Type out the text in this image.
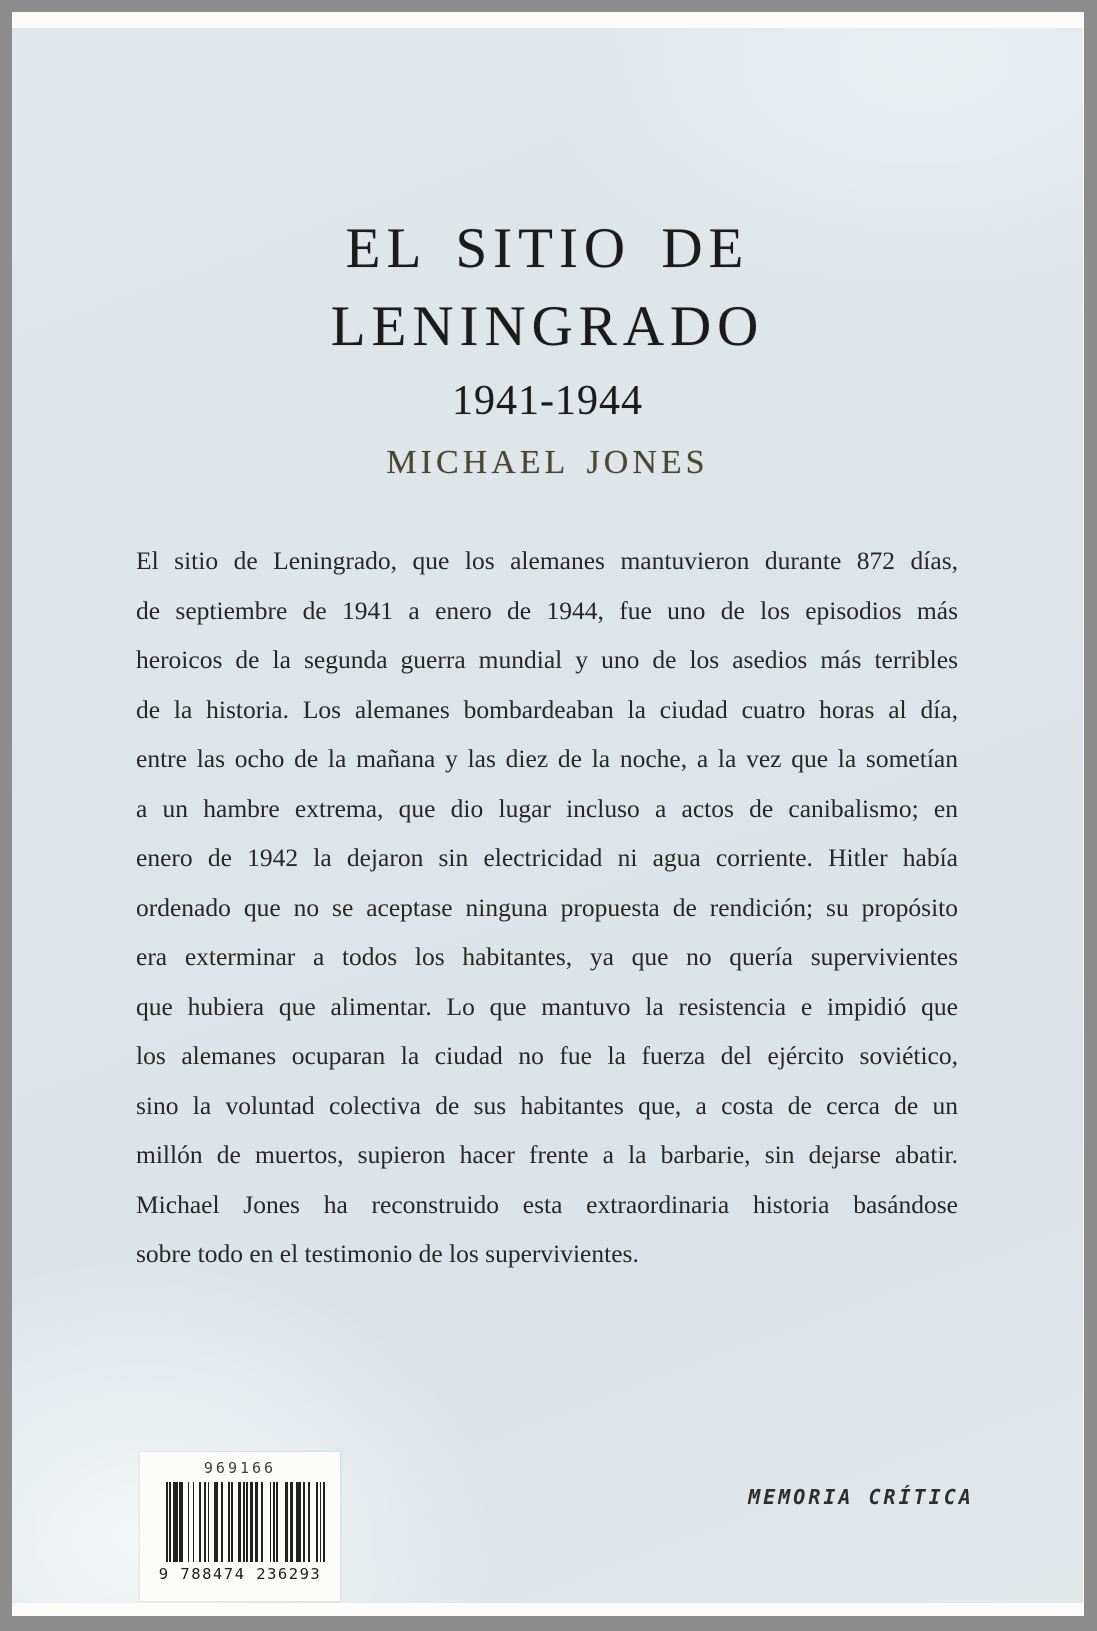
EL SITIO DE
LENINGRADO
1941-1944
MICHAEL JONES
El sitio de Leningrado, que los alemanes mantuvieron durante 872 días,
de septiembre de 1941 a enero de 1944, fue uno de los episodios más
heroicos de la segunda guerra mundial y uno de los asedios más terribles
de la historia. Los alemanes bombardeaban la ciudad cuatro horas al día,
entre las ocho de la mañana y las diez de la noche, a la vez que la sometían
a un hambre extrema, que dio lugar incluso a actos de canibalismo; en
enero de 1942 la dejaron sin electricidad ni agua corriente. Hitler había
ordenado que no se aceptase ninguna propuesta de rendición; su propósito
era exterminar a todos los habitantes, ya que no quería supervivientes
que hubiera que alimentar. Lo que mantuvo la resistencia e impidió que
los alemanes ocuparan la ciudad no fue la fuerza del ejército soviético,
sino la voluntad colectiva de sus habitantes que, a costa de cerca de un
millón de muertos, supieron hacer frente a la barbarie, sin dejarse abatir.
Michael Jones ha reconstruido esta extraordinaria historia basándose
sobre todo en el testimonio de los supervivientes.
969166
9 788474 236293
MEMORIA CRÍTICA
